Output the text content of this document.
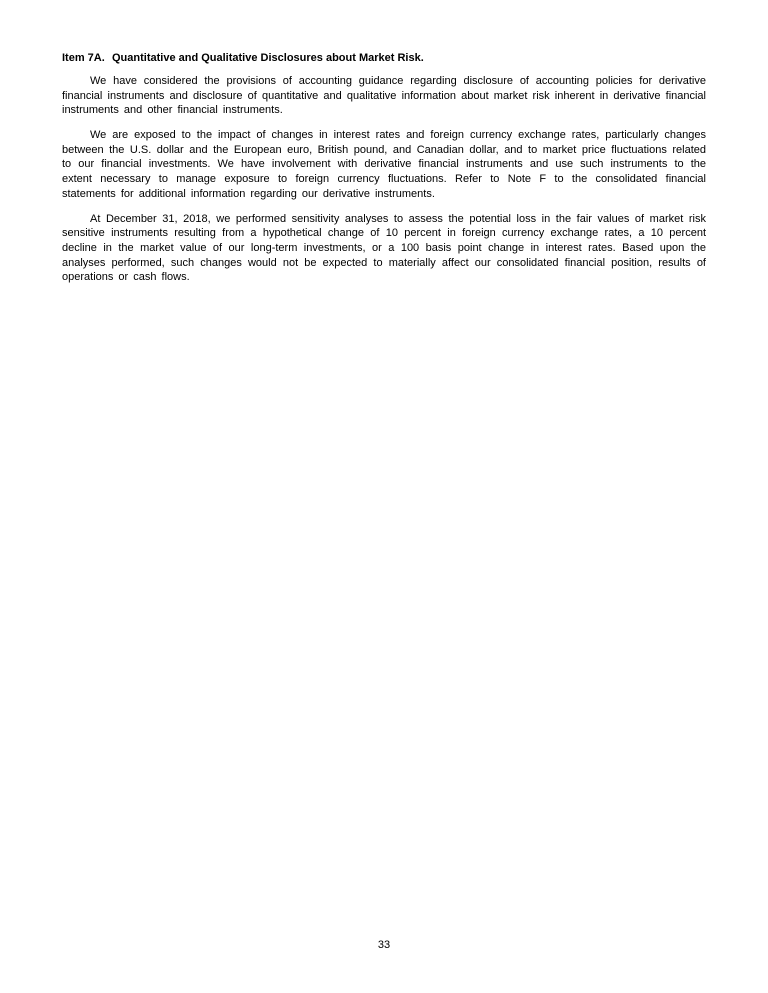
Item 7A. Quantitative and Qualitative Disclosures about Market Risk.

We have considered the provisions of accounting guidance regarding disclosure of accounting policies for derivative financial instruments and disclosure of quantitative and qualitative information about market risk inherent in derivative financial instruments and other financial instruments.

We are exposed to the impact of changes in interest rates and foreign currency exchange rates, particularly changes between the U.S. dollar and the European euro, British pound, and Canadian dollar, and to market price fluctuations related to our financial investments. We have involvement with derivative financial instruments and use such instruments to the extent necessary to manage exposure to foreign currency fluctuations. Refer to Note F to the consolidated financial statements for additional information regarding our derivative instruments.

At December 31, 2018, we performed sensitivity analyses to assess the potential loss in the fair values of market risk sensitive instruments resulting from a hypothetical change of 10 percent in foreign currency exchange rates, a 10 percent decline in the market value of our long-term investments, or a 100 basis point change in interest rates. Based upon the analyses performed, such changes would not be expected to materially affect our consolidated financial position, results of operations or cash flows.

33
